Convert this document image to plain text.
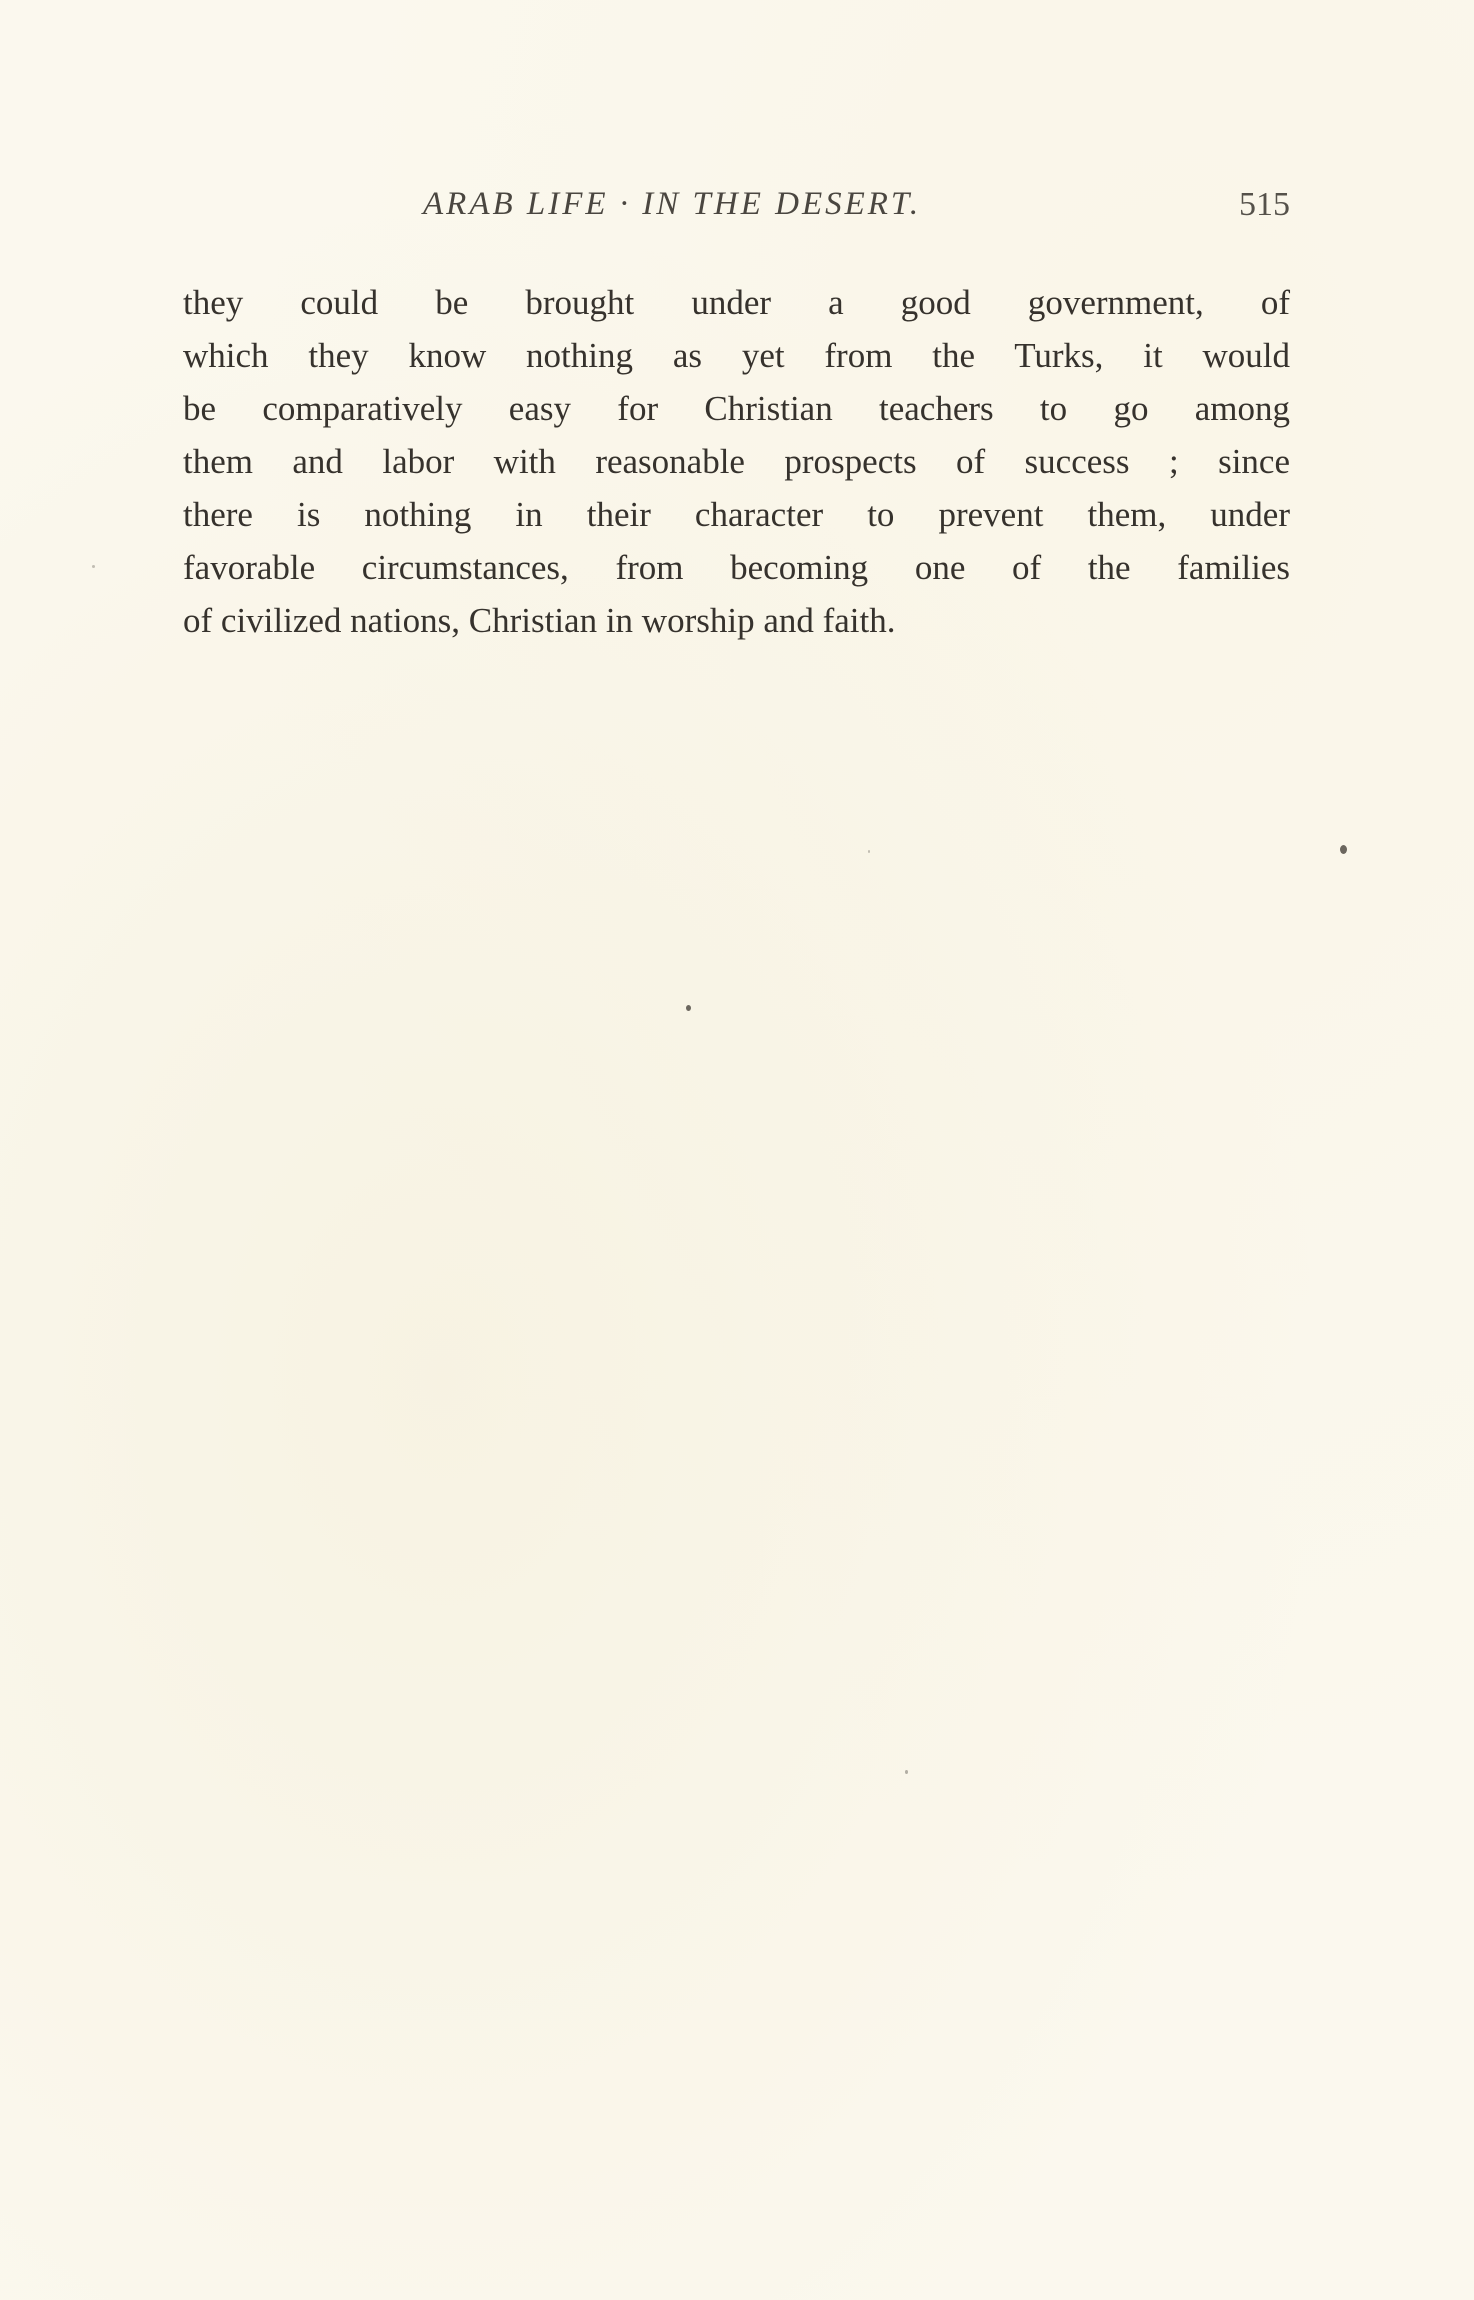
ARAB LIFE · IN THE DESERT.	515
they could be brought under a good government, of
which they know nothing as yet from the Turks, it would
be comparatively easy for Christian teachers to go among
them and labor with reasonable prospects of success ; since
there is nothing in their character to prevent them, under
favorable circumstances, from becoming one of the families
of civilized nations, Christian in worship and faith.
